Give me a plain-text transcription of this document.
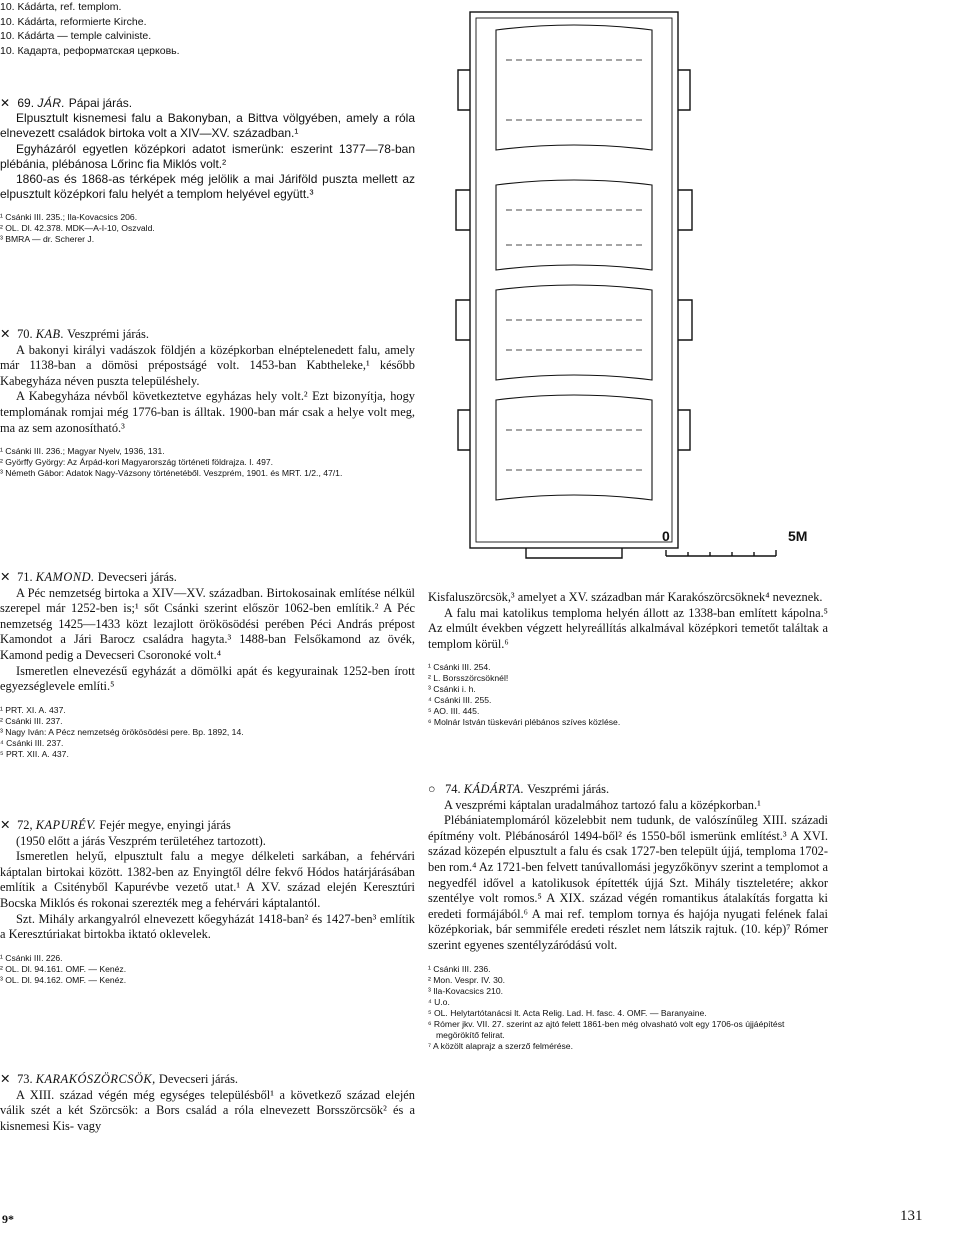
10. Kádárta, ref. templom.
10. Kádárta, reformierte Kirche.
10. Kádárta — temple calviniste.
10. Кадарта, реформатская церковь.
0	5M

✕ 69. JÁR. Pápai járás.

Elpusztult kisnemesi falu a Bakonyban, a Bittva völgyében, amely a róla elnevezett családok birtoka volt a XIV—XV. században.¹

Egyházáról egyetlen középkori adatot ismerünk: eszerint 1377—78-ban plébánia, plébánosa Lőrinc fia Miklós volt.²

1860-as és 1868-as térképek még jelölik a mai Járiföld puszta mellett az elpusztult középkori falu helyét a templom helyével együtt.³

¹ Csánki III. 235.; Ila-Kovacsics 206.
² OL. Dl. 42.378. MDK—A-I-10, Oszvald.
³ BMRA — dr. Scherer J.

✕ 70. KAB. Veszprémi járás.

A bakonyi királyi vadászok földjén a középkorban elnéptelenedett falu, amely már 1138-ban a dömösi prépostságé volt. 1453-ban Kabtheleke,¹ később Kabegyháza néven puszta településhely.

A Kabegyháza névből következtetve egyházas hely volt.² Ezt bizonyítja, hogy templomának romjai még 1776-ban is álltak. 1900-ban már csak a helye volt meg, ma az sem azonosítható.³

¹ Csánki III. 236.; Magyar Nyelv, 1936, 131.
² Györffy György: Az Árpád-kori Magyarország történeti földrajza. I. 497.
³ Németh Gábor: Adatok Nagy-Vázsony történetéből. Veszprém, 1901. és MRT. 1/2., 47/1.

✕ 71. KAMOND. Devecseri járás.

A Péc nemzetség birtoka a XIV—XV. században. Birtokosainak említése nélkül szerepel már 1252-ben is;¹ sőt Csánki szerint először 1062-ben említik.² A Péc nemzetség 1425—1433 közt lezajlott örökösödési perében Péci András prépost Kamondot a Jári Barocz családra hagyta.³ 1488-ban Felsőkamond az övék, Kamond pedig a Devecseri Csoronoké volt.⁴

Ismeretlen elnevezésű egyházát a dömölki apát és kegyurainak 1252-ben írott egyezséglevele említi.⁵

¹ PRT. XI. A. 437.
² Csánki III. 237.
³ Nagy Iván: A Pécz nemzetség örökösödési pere. Bp. 1892, 14.
⁴ Csánki III. 237.
⁵ PRT. XII. A. 437.

✕ 72, KAPURÉV. Fejér megye, enyingi járás

(1950 előtt a járás Veszprém területéhez tartozott).

Ismeretlen helyű, elpusztult falu a megye délkeleti sarkában, a fehérvári káptalan birtokai között. 1382-ben az Enyingtől délre fekvő Hódos határjárásában említik a Csitényből Kapurévbe vezető utat.¹ A XV. század elején Keresztúri Bocska Miklós és rokonai szerezték meg a fehérvári káptalantól.

Szt. Mihály arkangyalról elnevezett kőegyházát 1418-ban² és 1427-ben³ említik a Keresztúriakat birtokba iktató oklevelek.

¹ Csánki III. 226.
² OL. Dl. 94.161. OMF. — Kenéz.
³ OL. Dl. 94.162. OMF. — Kenéz.

✕ 73. KARAKÓSZÖRCSÖK, Devecseri járás.

A XIII. század végén még egységes településből¹ a következő század elején válik szét a két Szörcsök: a Bors család a róla elnevezett Borsszörcsök² és a kisnemesi Kis- vagy

Kisfaluszörcsök,³ amelyet a XV. században már Karakószörcsöknek⁴ neveznek.

A falu mai katolikus temploma helyén állott az 1338-ban említett kápolna.⁵ Az elmúlt években végzett helyreállítás alkalmával középkori temetőt találtak a templom körül.⁶

¹ Csánki III. 254.
² L. Borsszörcsöknél!
³ Csánki i. h.
⁴ Csánki III. 255.
⁵ AO. III. 445.
⁶ Molnár István tüskevári plébános szíves közlése.

○ 74. KÁDÁRTA. Veszprémi járás.

A veszprémi káptalan uradalmához tartozó falu a középkorban.¹

Plébániatemplomáról közelebbit nem tudunk, de valószínűleg XIII. századi építmény volt. Plébánosáról 1494-ből² és 1550-ből ismerünk említést.³ A XVI. század közepén elpusztult a falu és csak 1727-ben települt újjá, temploma 1702-ben rom.⁴ Az 1721-ben felvett tanúvallomási jegyzőkönyv szerint a templomot a negyedfél idővel a katolikusok építették újjá Szt. Mihály tiszteletére; akkor szentélye volt romos.⁵ A XIX. század végén romantikus átalakítás forgatta ki eredeti formájából.⁶ A mai ref. templom tornya és hajója nyugati felének falai középkoriak, bár semmiféle eredeti részlet nem látszik rajtuk. (10. kép)⁷ Rómer szerint egyenes szentélyzáródású volt.

¹ Csánki III. 236.
² Mon. Vespr. IV. 30.
³ Ila-Kovacsics 210.
⁴ U.o.
⁵ OL. Helytartótanácsi lt. Acta Relig. Lad. H. fasc. 4. OMF. — Baranyaine.
⁶ Rómer jkv. VII. 27. szerint az ajtó felett 1861-ben még olvasható volt egy 1706-os újjáépítést megörökítő felirat.
⁷ A közölt alaprajz a szerző felmérése.
9*	131
